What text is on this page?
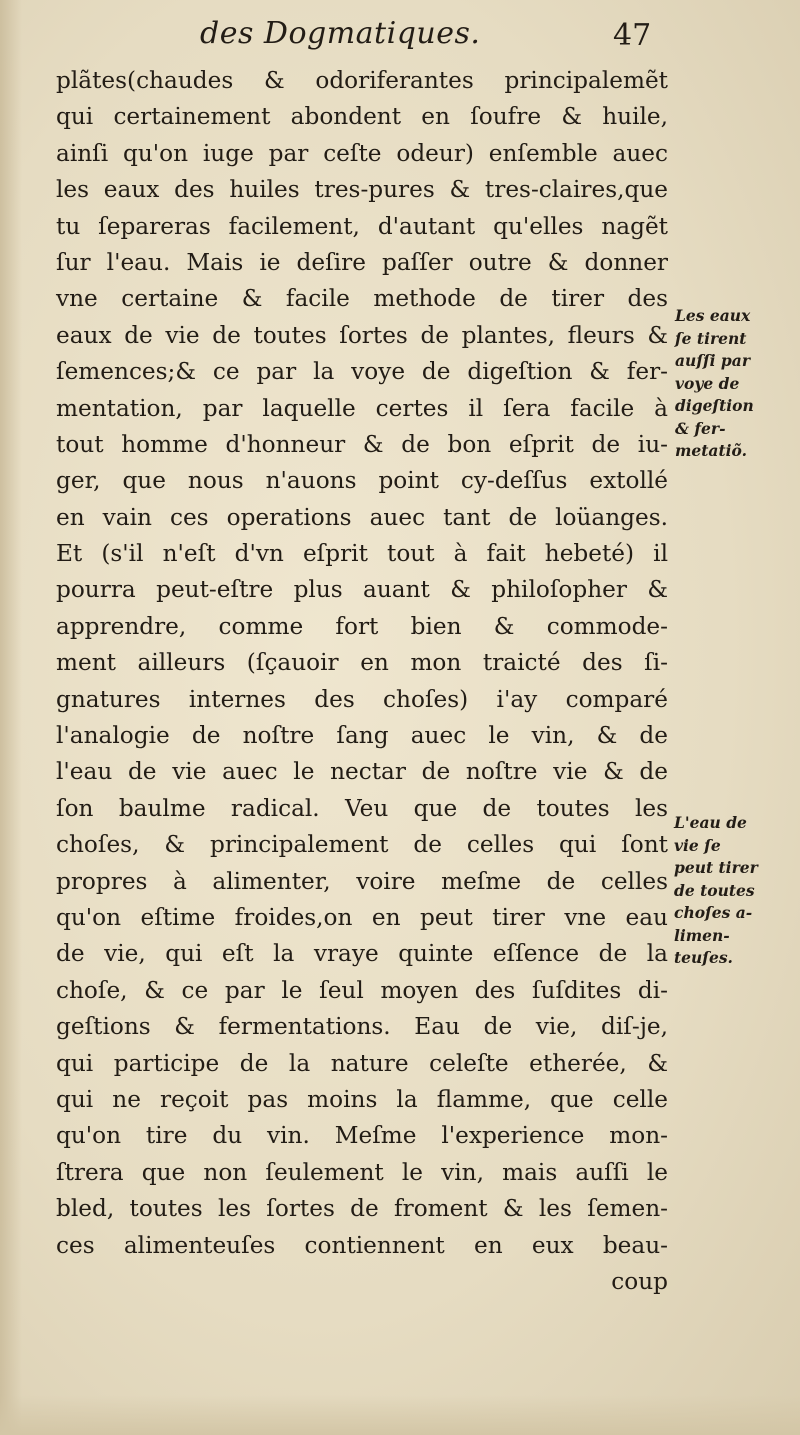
des Dogmatiques.	47
plãtes(chaudes & odoriferantes principalemẽt
qui certainement abondent en ſoufre & huile,
ainſi qu'on iuge par ceſte odeur) enſemble auec
les eaux des huiles tres-pures & tres-claires,que
tu ſepareras facilement, d'autant qu'elles nagẽt
ſur l'eau. Mais ie deſire paſſer outre & donner
vne certaine & facile methode de tirer des
eaux de vie de toutes ſortes de plantes, fleurs &
ſemences;& ce par la voye de digeſtion & fer-
mentation, par laquelle certes il ſera facile à
tout homme d'honneur & de bon eſprit de iu-
ger, que nous n'auons point cy-deſſus extollé
en vain ces operations auec tant de loüanges.
Et (s'il n'eſt d'vn eſprit tout à fait hebeté) il
pourra peut-eſtre plus auant & philoſopher &
apprendre, comme fort bien & commode-
ment ailleurs (ſçauoir en mon traicté des ſi-
gnatures internes des choſes) i'ay comparé
l'analogie de noſtre ſang auec le vin, & de
l'eau de vie auec le nectar de noſtre vie & de
ſon baulme radical. Veu que de toutes les
choſes, & principalement de celles qui ſont
propres à alimenter, voire meſme de celles
qu'on eſtime froides,on en peut tirer vne eau
de vie, qui eſt la vraye quinte eſſence de la
choſe, & ce par le ſeul moyen des ſuſdites di-
geſtions & fermentations. Eau de vie, diſ-je,
qui participe de la nature celeſte etherée, &
qui ne reçoit pas moins la flamme, que celle
qu'on tire du vin. Meſme l'experience mon-
ſtrera que non ſeulement le vin, mais auſſi le
bled, toutes les ſortes de froment & les ſemen-
ces alimenteuſes contiennent en eux beau-
coup
Les eaux
ſe tirent
auſſi par
voye de
digeſtion
& fer-
metatiõ.
L'eau de
vie ſe
peut tirer
de toutes
choſes a-
limen-
teuſes.
